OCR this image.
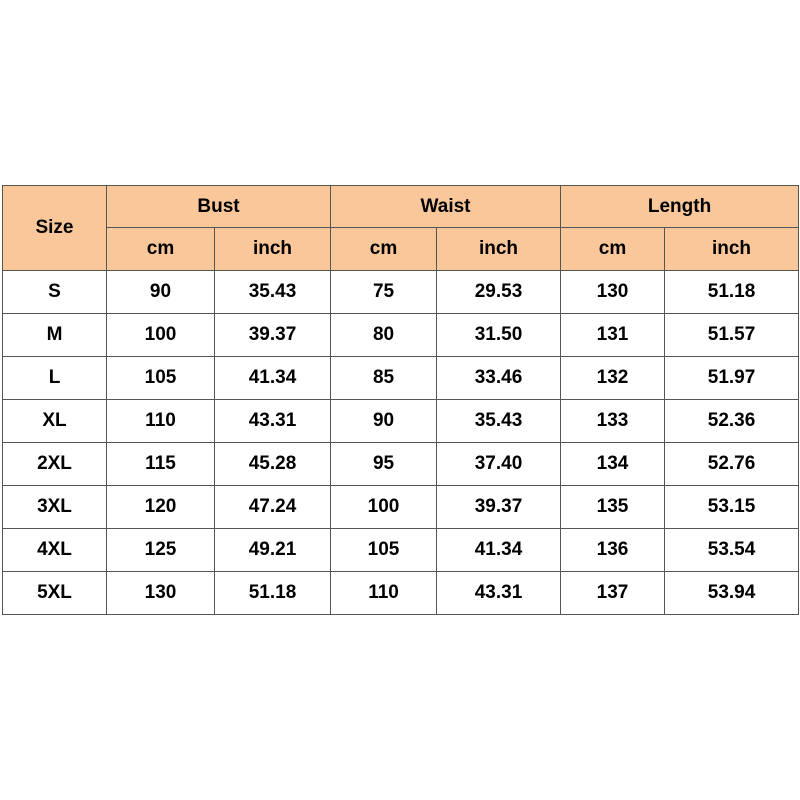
Size	Bust		Waist		Length	
	cm	inch	cm	inch	cm	inch
S	90	35.43	75	29.53	130	51.18
M	100	39.37	80	31.50	131	51.57
L	105	41.34	85	33.46	132	51.97
XL	110	43.31	90	35.43	133	52.36
2XL	115	45.28	95	37.40	134	52.76
3XL	120	47.24	100	39.37	135	53.15
4XL	125	49.21	105	41.34	136	53.54
5XL	130	51.18	110	43.31	137	53.94
